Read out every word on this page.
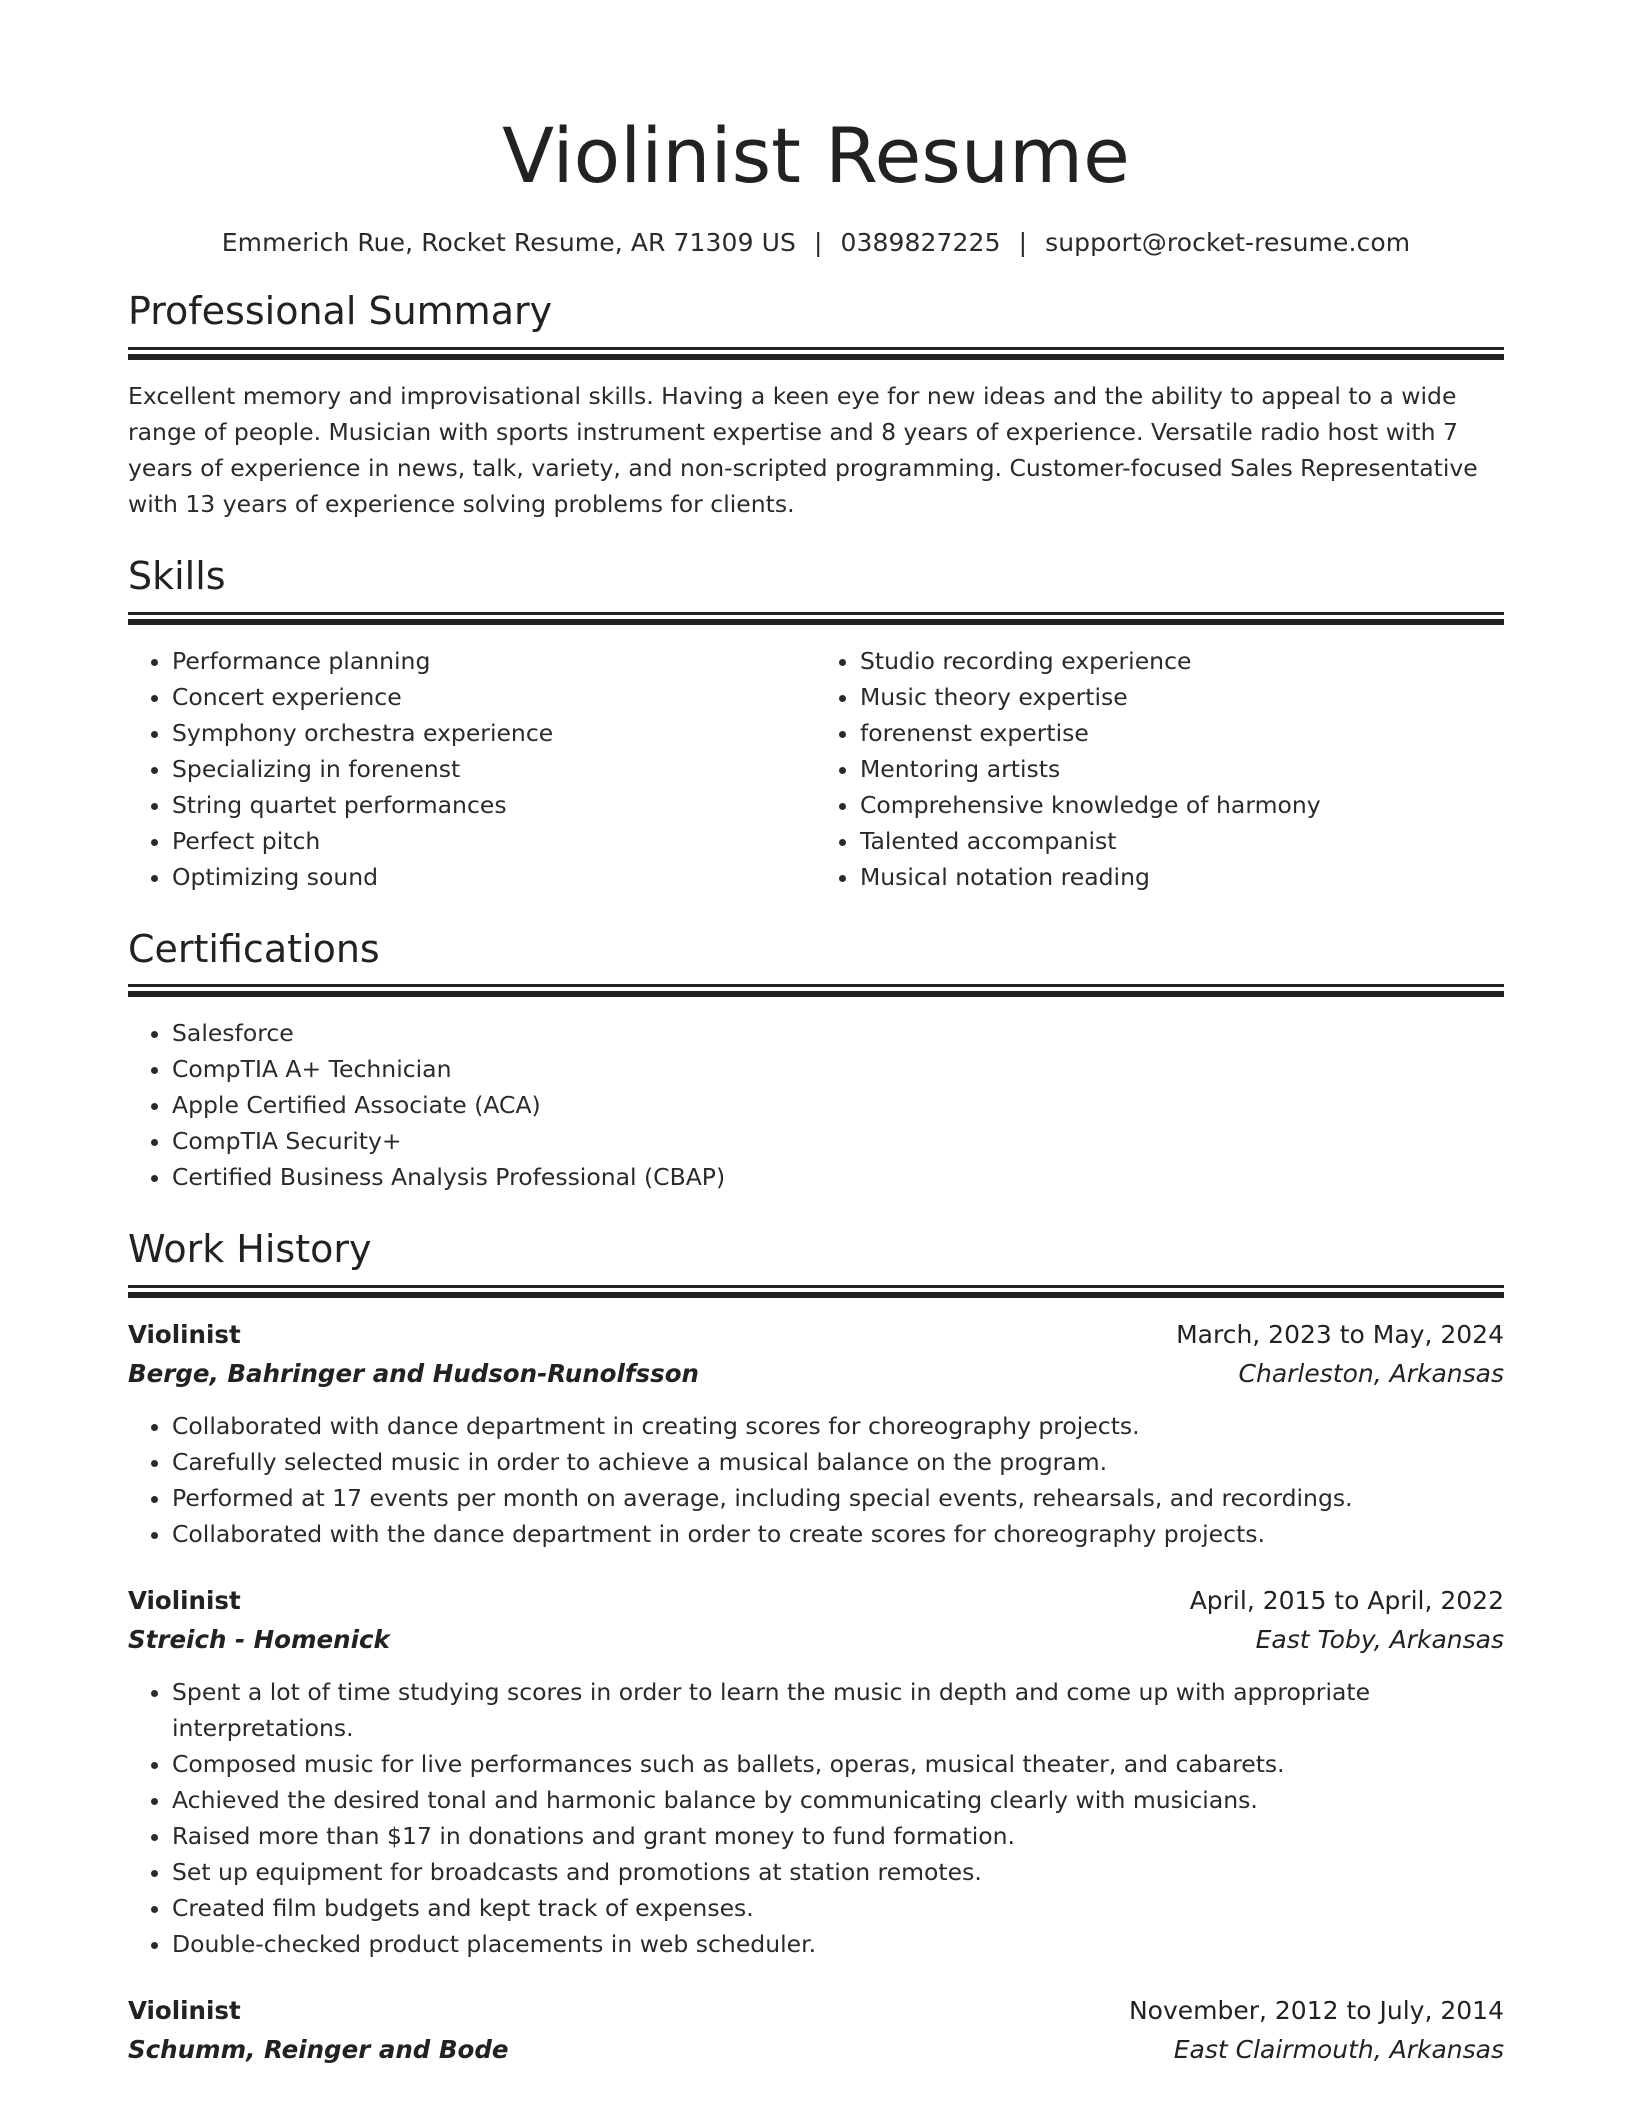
Violinist Resume
Emmerich Rue, Rocket Resume, AR 71309 US | 0389827225 | support@rocket-resume.com
Professional Summary

Excellent memory and improvisational skills. Having a keen eye for new ideas and the ability to appeal to a wide range of people. Musician with sports instrument expertise and 8 years of experience. Versatile radio host with 7 years of experience in news, talk, variety, and non-scripted programming. Customer-focused Sales Representative with 13 years of experience solving problems for clients.

Skills
• Performance planning
• Concert experience
• Symphony orchestra experience
• Specializing in forenenst
• String quartet performances
• Perfect pitch
• Optimizing sound
• Studio recording experience
• Music theory expertise
• forenenst expertise
• Mentoring artists
• Comprehensive knowledge of harmony
• Talented accompanist
• Musical notation reading
Certifications
• Salesforce
• CompTIA A+ Technician
• Apple Certified Associate (ACA)
• CompTIA Security+
• Certified Business Analysis Professional (CBAP)
Work History
Violinist	March, 2023 to May, 2024
Berge, Bahringer and Hudson-Runolfsson	Charleston, Arkansas
• Collaborated with dance department in creating scores for choreography projects.
• Carefully selected music in order to achieve a musical balance on the program.
• Performed at 17 events per month on average, including special events, rehearsals, and recordings.
• Collaborated with the dance department in order to create scores for choreography projects.
Violinist	April, 2015 to April, 2022
Streich - Homenick	East Toby, Arkansas
• Spent a lot of time studying scores in order to learn the music in depth and come up with appropriate interpretations.
• Composed music for live performances such as ballets, operas, musical theater, and cabarets.
• Achieved the desired tonal and harmonic balance by communicating clearly with musicians.
• Raised more than $17 in donations and grant money to fund formation.
• Set up equipment for broadcasts and promotions at station remotes.
• Created film budgets and kept track of expenses.
• Double-checked product placements in web scheduler.
Violinist	November, 2012 to July, 2014
Schumm, Reinger and Bode	East Clairmouth, Arkansas
